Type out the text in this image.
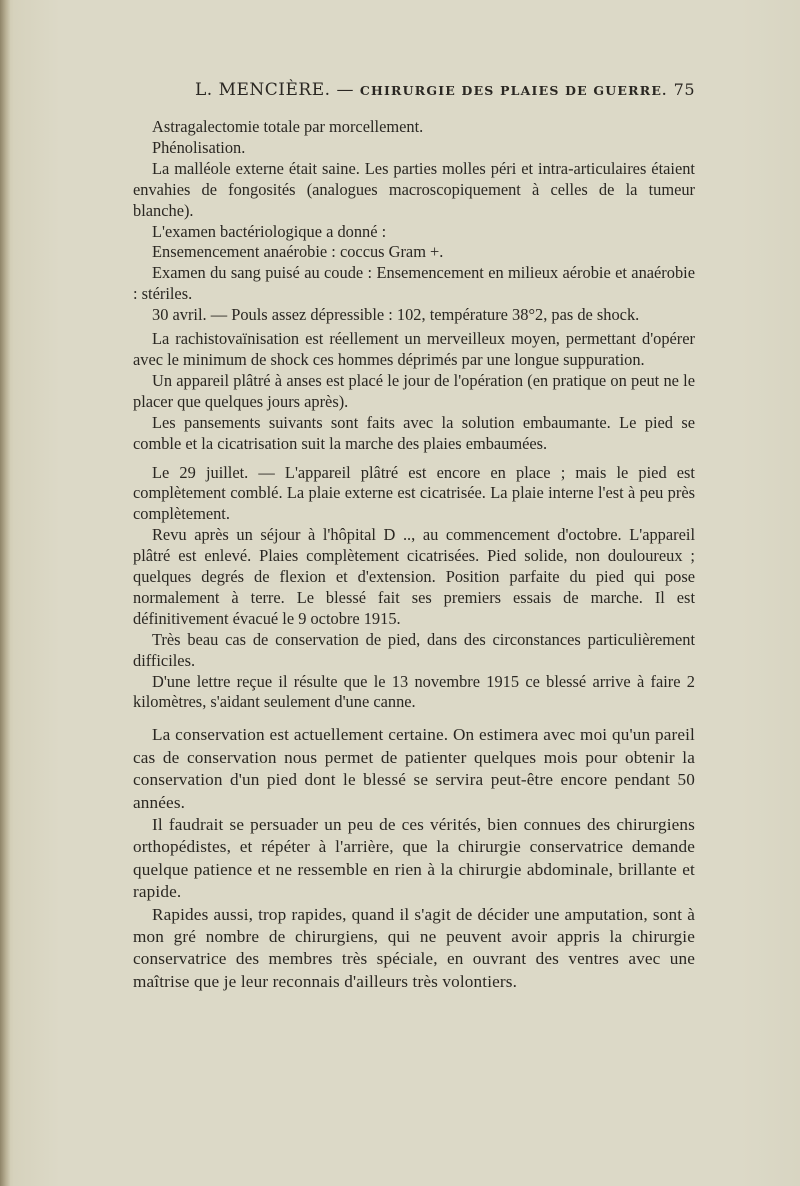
L. MENCIÈRE. — CHIRURGIE DES PLAIES DE GUERRE. 75

Astragalectomie totale par morcellement.

Phénolisation.

La malléole externe était saine. Les parties molles péri et intra-articulaires étaient envahies de fongosités (analogues macroscopiquement à celles de la tumeur blanche).

L'examen bactériologique a donné :

Ensemencement anaérobie : coccus Gram +.

Examen du sang puisé au coude : Ensemencement en milieux aérobie et anaérobie : stériles.

30 avril. — Pouls assez dépressible : 102, température 38°2, pas de shock.

La rachistovaïnisation est réellement un merveilleux moyen, permettant d'opérer avec le minimum de shock ces hommes déprimés par une longue suppuration.

Un appareil plâtré à anses est placé le jour de l'opération (en pratique on peut ne le placer que quelques jours après).

Les pansements suivants sont faits avec la solution embaumante. Le pied se comble et la cicatrisation suit la marche des plaies embaumées.

Le 29 juillet. — L'appareil plâtré est encore en place ; mais le pied est complètement comblé. La plaie externe est cicatrisée. La plaie interne l'est à peu près complètement.

Revu après un séjour à l'hôpital D .., au commencement d'octobre. L'appareil plâtré est enlevé. Plaies complètement cicatrisées. Pied solide, non douloureux ; quelques degrés de flexion et d'extension. Position parfaite du pied qui pose normalement à terre. Le blessé fait ses premiers essais de marche. Il est définitivement évacué le 9 octobre 1915.

Très beau cas de conservation de pied, dans des circonstances particulièrement difficiles.

D'une lettre reçue il résulte que le 13 novembre 1915 ce blessé arrive à faire 2 kilomètres, s'aidant seulement d'une canne.

La conservation est actuellement certaine. On estimera avec moi qu'un pareil cas de conservation nous permet de patienter quelques mois pour obtenir la conservation d'un pied dont le blessé se servira peut-être encore pendant 50 années.

Il faudrait se persuader un peu de ces vérités, bien connues des chirurgiens orthopédistes, et répéter à l'arrière, que la chirurgie conservatrice demande quelque patience et ne ressemble en rien à la chirurgie abdominale, brillante et rapide.

Rapides aussi, trop rapides, quand il s'agit de décider une amputation, sont à mon gré nombre de chirurgiens, qui ne peuvent avoir appris la chirurgie conservatrice des membres très spéciale, en ouvrant des ventres avec une maîtrise que je leur reconnais d'ailleurs très volontiers.
